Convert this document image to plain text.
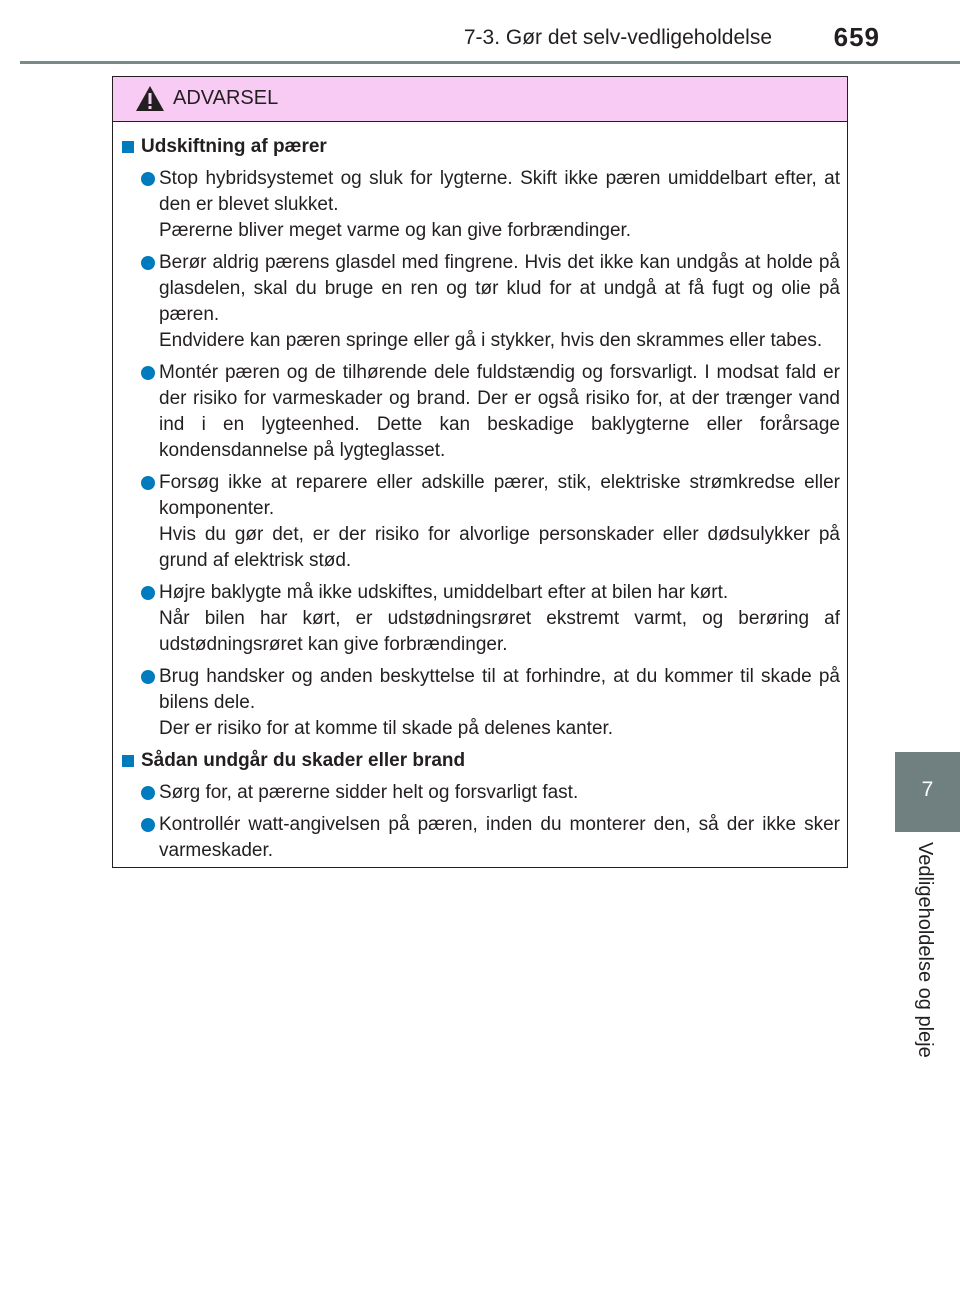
7-3. Gør det selv-vedligeholdelse 659
7
Vedligeholdelse og pleje
ADVARSEL
Udskiftning af pærer

Stop hybridsystemet og sluk for lygterne. Skift ikke pæren umiddelbart efter, at den er blevet slukket.

Pærerne bliver meget varme og kan give forbrændinger.

Berør aldrig pærens glasdel med fingrene. Hvis det ikke kan undgås at holde på glasdelen, skal du bruge en ren og tør klud for at undgå at få fugt og olie på pæren.

Endvidere kan pæren springe eller gå i stykker, hvis den skrammes eller tabes.

Montér pæren og de tilhørende dele fuldstændig og forsvarligt. I modsat fald er der risiko for varmeskader og brand. Der er også risiko for, at der trænger vand ind i en lygteenhed. Dette kan beskadige baklygterne eller forårsage kondensdannelse på lygteglasset.

Forsøg ikke at reparere eller adskille pærer, stik, elektriske strømkredse eller komponenter.

Hvis du gør det, er der risiko for alvorlige personskader eller dødsulykker på grund af elektrisk stød.

Højre baklygte må ikke udskiftes, umiddelbart efter at bilen har kørt.

Når bilen har kørt, er udstødningsrøret ekstremt varmt, og berøring af udstødningsrøret kan give forbrændinger.

Brug handsker og anden beskyttelse til at forhindre, at du kommer til skade på bilens dele.

Der er risiko for at komme til skade på delenes kanter.

Sådan undgår du skader eller brand

Sørg for, at pærerne sidder helt og forsvarligt fast.

Kontrollér watt-angivelsen på pæren, inden du monterer den, så der ikke sker varmeskader.
